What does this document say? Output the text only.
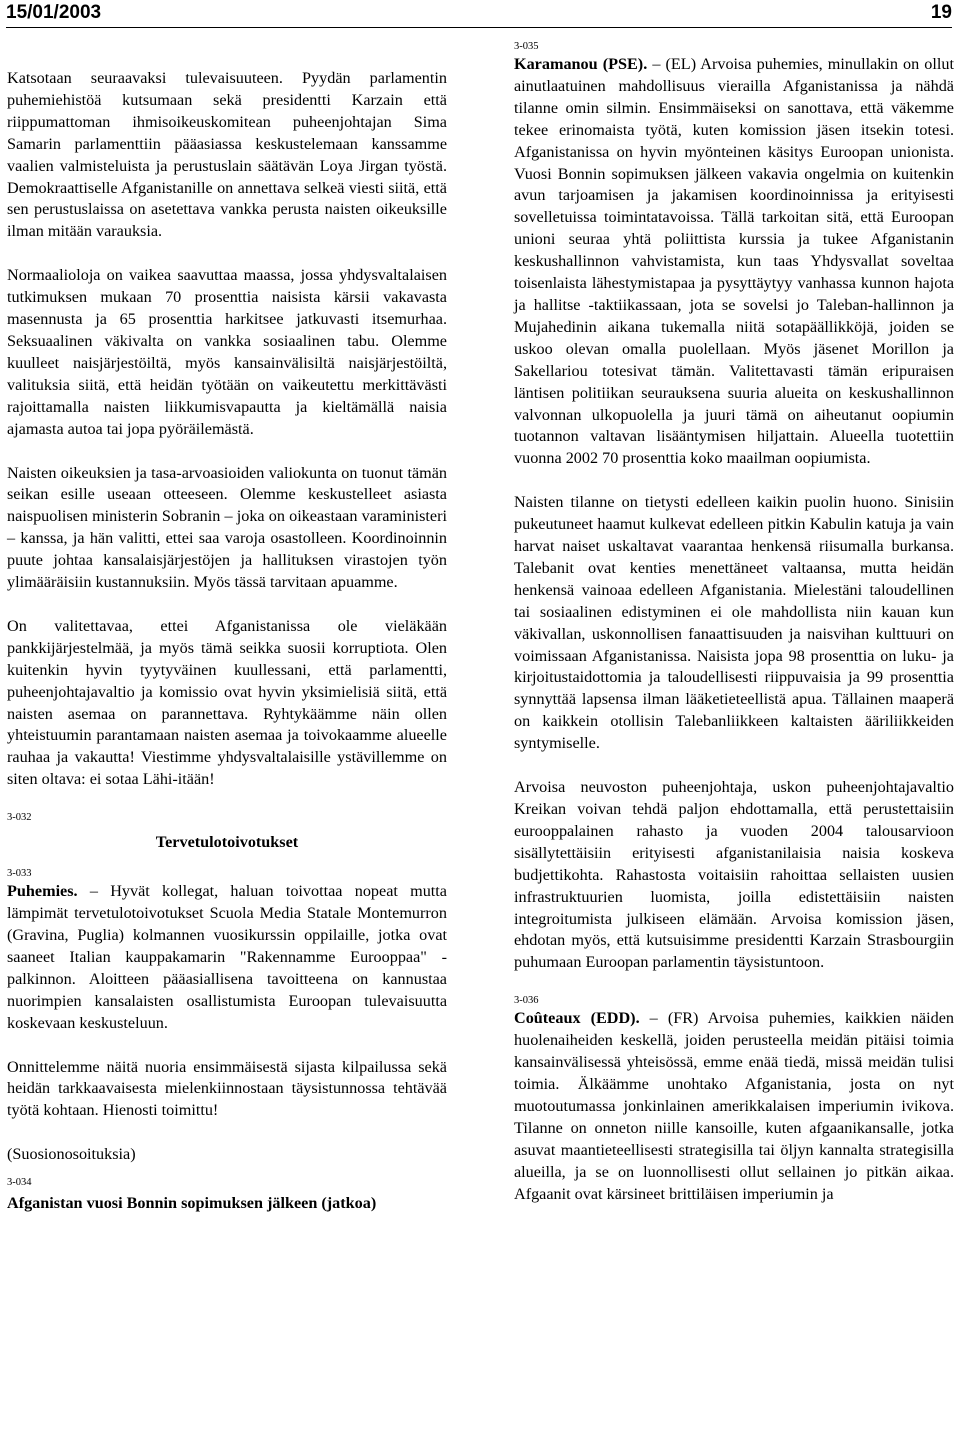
15/01/2003	19

Katsotaan seuraavaksi tulevaisuuteen. Pyydän parlamentin puhemiehistöä kutsumaan sekä presidentti Karzain että riippumattoman ihmisoikeuskomitean puheenjohtajan Sima Samarin parlamenttiin pääasiassa keskustelemaan kanssamme vaalien valmisteluista ja perustuslain säätävän Loya Jirgan työstä. Demokraattiselle Afganistanille on annettava selkeä viesti siitä, että sen perustuslaissa on asetettava vankka perusta naisten oikeuksille ilman mitään varauksia.

Normaalioloja on vaikea saavuttaa maassa, jossa yhdysvaltalaisen tutkimuksen mukaan 70 prosenttia naisista kärsii vakavasta masennusta ja 65 prosenttia harkitsee jatkuvasti itsemurhaa. Seksuaalinen väkivalta on vankka sosiaalinen tabu. Olemme kuulleet naisjärjestöiltä, myös kansainvälisiltä naisjärjestöiltä, valituksia siitä, että heidän työtään on vaikeutettu merkittävästi rajoittamalla naisten liikkumisvapautta ja kieltämällä naisia ajamasta autoa tai jopa pyöräilemästä.

Naisten oikeuksien ja tasa-arvoasioiden valiokunta on tuonut tämän seikan esille useaan otteeseen. Olemme keskustelleet asiasta naispuolisen ministerin Sobranin – joka on oikeastaan varaministeri – kanssa, ja hän valitti, ettei saa varoja osastolleen. Koordinoinnin puute johtaa kansalaisjärjestöjen ja hallituksen virastojen työn ylimääräisiin kustannuksiin. Myös tässä tarvitaan apuamme.

On valitettavaa, ettei Afganistanissa ole vieläkään pankkijärjestelmää, ja myös tämä seikka suosii korruptiota. Olen kuitenkin hyvin tyytyväinen kuullessani, että parlamentti, puheenjohtajavaltio ja komissio ovat hyvin yksimielisiä siitä, että naisten asemaa on parannettava. Ryhtykäämme näin ollen yhteistuumin parantamaan naisten asemaa ja toivokaamme alueelle rauhaa ja vakautta! Viestimme yhdysvaltalaisille ystävillemme on siten oltava: ei sotaa Lähi-itään!

3-032

Tervetulotoivotukset

3-033

Puhemies. – Hyvät kollegat, haluan toivottaa nopeat mutta lämpimät tervetulotoivotukset Scuola Media Statale Montemurron (Gravina, Puglia) kolmannen vuosikurssin oppilaille, jotka ovat saaneet Italian kauppakamarin "Rakennamme Eurooppaa" -palkinnon. Aloitteen pääasiallisena tavoitteena on kannustaa nuorimpien kansalaisten osallistumista Euroopan tulevaisuutta koskevaan keskusteluun.

Onnittelemme näitä nuoria ensimmäisestä sijasta kilpailussa sekä heidän tarkkaavaisesta mielenkiinnostaan täysistunnossa tehtävää työtä kohtaan. Hienosti toimittu!

(Suosionosoituksia)

3-034

Afganistan vuosi Bonnin sopimuksen jälkeen (jatkoa)

3-035

Karamanou (PSE). – (EL) Arvoisa puhemies, minullakin on ollut ainutlaatuinen mahdollisuus vierailla Afganistanissa ja nähdä tilanne omin silmin. Ensimmäiseksi on sanottava, että väkemme tekee erinomaista työtä, kuten komission jäsen itsekin totesi. Afganistanissa on hyvin myönteinen käsitys Euroopan unionista. Vuosi Bonnin sopimuksen jälkeen vakavia ongelmia on kuitenkin avun tarjoamisen ja jakamisen koordinoinnissa ja erityisesti sovelletuissa toimintatavoissa. Tällä tarkoitan sitä, että Euroopan unioni seuraa yhtä poliittista kurssia ja tukee Afganistanin keskushallinnon vahvistamista, kun taas Yhdysvallat soveltaa toisenlaista lähestymistapaa ja pysyttäytyy vanhassa kunnon hajota ja hallitse -taktiikassaan, jota se sovelsi jo Taleban-hallinnon ja Mujahedinin aikana tukemalla niitä sotapäällikköjä, joiden se uskoo olevan omalla puolellaan. Myös jäsenet Morillon ja Sakellariou totesivat tämän. Valitettavasti tämän eripuraisen läntisen politiikan seurauksena suuria alueita on keskushallinnon valvonnan ulkopuolella ja juuri tämä on aiheutanut oopiumin tuotannon valtavan lisääntymisen hiljattain. Alueella tuotettiin vuonna 2002 70 prosenttia koko maailman oopiumista.

Naisten tilanne on tietysti edelleen kaikin puolin huono. Sinisiin pukeutuneet haamut kulkevat edelleen pitkin Kabulin katuja ja vain harvat naiset uskaltavat vaarantaa henkensä riisumalla burkansa. Talebanit ovat kenties menettäneet valtaansa, mutta heidän henkensä vainoaa edelleen Afganistania. Mielestäni taloudellinen tai sosiaalinen edistyminen ei ole mahdollista niin kauan kun väkivallan, uskonnollisen fanaattisuuden ja naisvihan kulttuuri on voimissaan Afganistanissa. Naisista jopa 98 prosenttia on luku- ja kirjoitustaidottomia ja taloudellisesti riippuvaisia ja 99 prosenttia synnyttää lapsensa ilman lääketieteellistä apua. Tällainen maaperä on kaikkein otollisin Talebanliikkeen kaltaisten ääriliikkeiden syntymiselle.

Arvoisa neuvoston puheenjohtaja, uskon puheenjohtajavaltio Kreikan voivan tehdä paljon ehdottamalla, että perustettaisiin eurooppalainen rahasto ja vuoden 2004 talousarvioon sisällytettäisiin erityisesti afganistanilaisia naisia koskeva budjettikohta. Rahastosta voitaisiin rahoittaa sellaisten uusien infrastruktuurien luomista, joilla edistettäisiin naisten integroitumista julkiseen elämään. Arvoisa komission jäsen, ehdotan myös, että kutsuisimme presidentti Karzain Strasbourgiin puhumaan Euroopan parlamentin täysistuntoon.

3-036

Coûteaux (EDD). – (FR) Arvoisa puhemies, kaikkien näiden huolenaiheiden keskellä, joiden perusteella meidän pitäisi toimia kansainvälisessä yhteisössä, emme enää tiedä, missä meidän tulisi toimia. Älkäämme unohtako Afganistania, josta on nyt muotoutumassa jonkinlainen amerikkalaisen imperiumin ivikova. Tilanne on onneton niille kansoille, kuten afgaanikansalle, jotka asuvat maantieteellisesti strategisilla tai öljyn kannalta strategisilla alueilla, ja se on luonnollisesti ollut sellainen jo pitkän aikaa. Afgaanit ovat kärsineet brittiläisen imperiumin ja
